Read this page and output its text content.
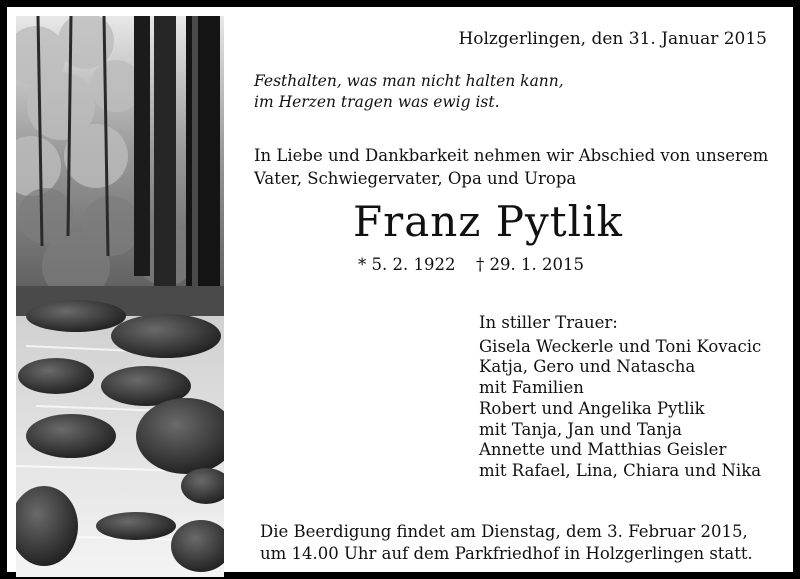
Holzgerlingen, den 31. Januar 2015
Festhalten, was man nicht halten kann,
im Herzen tragen was ewig ist.
In Liebe und Dankbarkeit nehmen wir Abschied von unserem
Vater, Schwiegervater, Opa und Uropa
Franz Pytlik
* 5. 2. 1922 † 29. 1. 2015
In stiller Trauer:
Gisela Weckerle und Toni Kovacic
Katja, Gero und Natascha
mit Familien
Robert und Angelika Pytlik
mit Tanja, Jan und Tanja
Annette und Matthias Geisler
mit Rafael, Lina, Chiara und Nika
Die Beerdigung findet am Dienstag, dem 3. Februar 2015,
um 14.00 Uhr auf dem Parkfriedhof in Holzgerlingen statt.
